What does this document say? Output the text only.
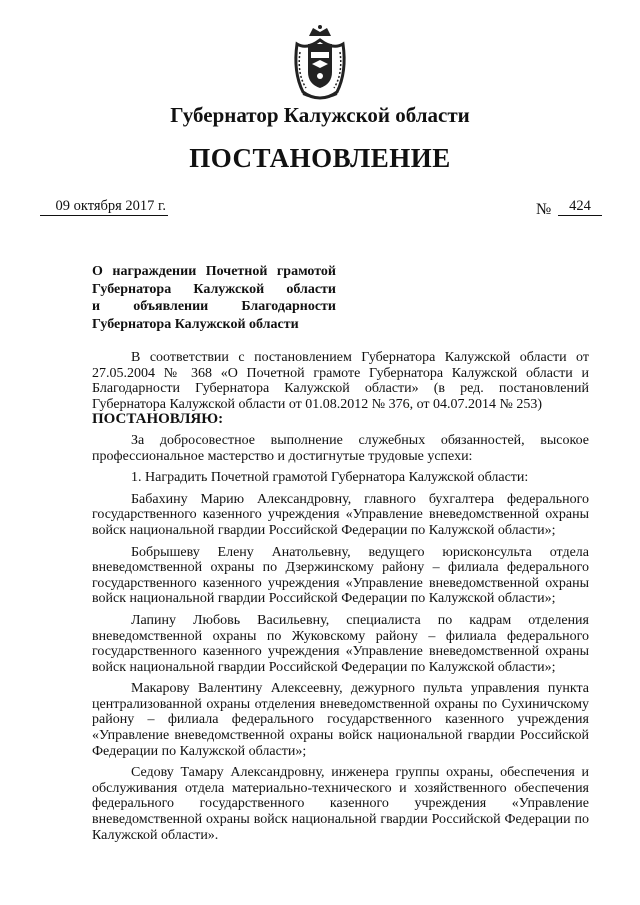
Губернатор Калужской области
ПОСТАНОВЛЕНИЕ
09 октября 2017 г.	№	424
О награждении Почетной грамотой
Губернатора Калужской области
и объявлении Благодарности
Губернатора Калужской области

В соответствии с постановлением Губернатора Калужской области от 27.05.2004 № 368 «О Почетной грамоте Губернатора Калужской области и Благодарности Губернатора Калужской области» (в ред. постановлений Губернатора Калужской области от 01.08.2012 № 376, от 04.07.2014 № 253)

ПОСТАНОВЛЯЮ:

За добросовестное выполнение служебных обязанностей, высокое профессиональное мастерство и достигнутые трудовые успехи:

1. Наградить Почетной грамотой Губернатора Калужской области:

Бабахину Марию Александровну, главного бухгалтера федерального государственного казенного учреждения «Управление вневедомственной охраны войск национальной гвардии Российской Федерации по Калужской области»;

Бобрышеву Елену Анатольевну, ведущего юрисконсульта отдела вневедомственной охраны по Дзержинскому району – филиала федерального государственного казенного учреждения «Управление вневедомственной охраны войск национальной гвардии Российской Федерации по Калужской области»;

Лапину Любовь Васильевну, специалиста по кадрам отделения вневедомственной охраны по Жуковскому району – филиала федерального государственного казенного учреждения «Управление вневедомственной охраны войск национальной гвардии Российской Федерации по Калужской области»;

Макарову Валентину Алексеевну, дежурного пульта управления пункта централизованной охраны отделения вневедомственной охраны по Сухиничскому району – филиала федерального государственного казенного учреждения «Управление вневедомственной охраны войск национальной гвардии Российской Федерации по Калужской области»;

Седову Тамару Александровну, инженера группы охраны, обеспечения и обслуживания отдела материально-технического и хозяйственного обеспечения федерального государственного казенного учреждения «Управление вневедомственной охраны войск национальной гвардии Российской Федерации по Калужской области».
